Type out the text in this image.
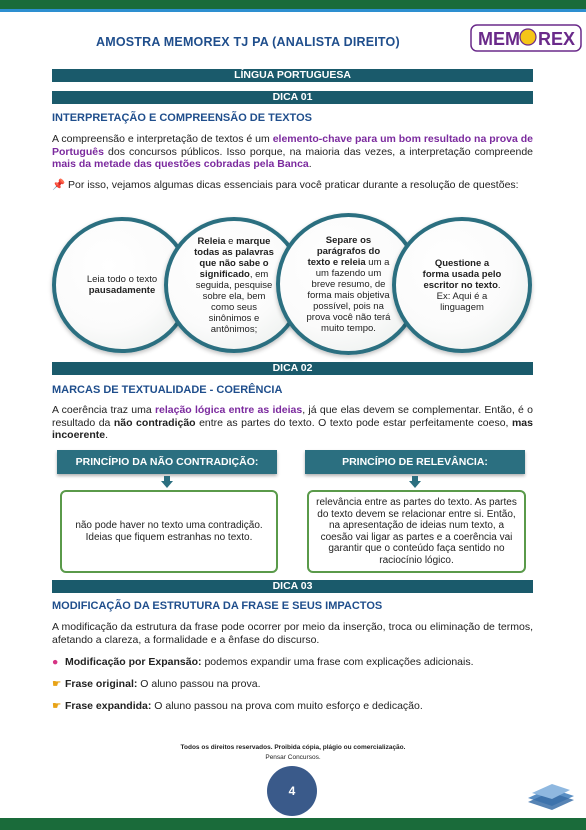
AMOSTRA MEMOREX TJ PA (ANALISTA DIREITO)	MEM REX
LÍNGUA PORTUGUESA
DICA 01
INTERPRETAÇÃO E COMPREENSÃO DE TEXTOS
A compreensão e interpretação de textos é um elemento-chave para um bom resultado na prova de Português dos concursos públicos. Isso porque, na maioria das vezes, a interpretação compreende mais da metade das questões cobradas pela Banca.
📌 Por isso, vejamos algumas dicas essenciais para você praticar durante a resolução de questões:
Leia todo o texto
pausadamente
Releia e marque todas as palavras que não sabe o significado, em seguida, pesquise sobre ela, bem como seus sinônimos e antônimos;
Separe os parágrafos do texto e releia um a um fazendo um breve resumo, de forma mais objetiva possível, pois na prova você não terá muito tempo.
Questione a forma usada pelo escritor no texto.
Ex: Aqui é a linguagem
DICA 02
MARCAS DE TEXTUALIDADE - COERÊNCIA
A coerência traz uma relação lógica entre as ideias, já que elas devem se complementar. Então, é o resultado da não contradição entre as partes do texto. O texto pode estar perfeitamente coeso, mas incoerente.
PRINCÍPIO DA NÃO CONTRADIÇÃO:	PRINCÍPIO DE RELEVÂNCIA:
não pode haver no texto uma contradição. Ideias que fiquem estranhas no texto.
relevância entre as partes do texto. As partes do texto devem se relacionar entre si. Então, na apresentação de ideias num texto, a coesão vai ligar as partes e a coerência vai garantir que o conteúdo faça sentido no raciocínio lógico.
DICA 03
MODIFICAÇÃO DA ESTRUTURA DA FRASE E SEUS IMPACTOS
A modificação da estrutura da frase pode ocorrer por meio da inserção, troca ou eliminação de termos, afetando a clareza, a formalidade e a ênfase do discurso.
● Modificação por Expansão: podemos expandir uma frase com explicações adicionais.
☛ Frase original: O aluno passou na prova.
☛ Frase expandida: O aluno passou na prova com muito esforço e dedicação.
Todos os direitos reservados. Proibida cópia, plágio ou comercialização.
Pensar Concursos.
4
